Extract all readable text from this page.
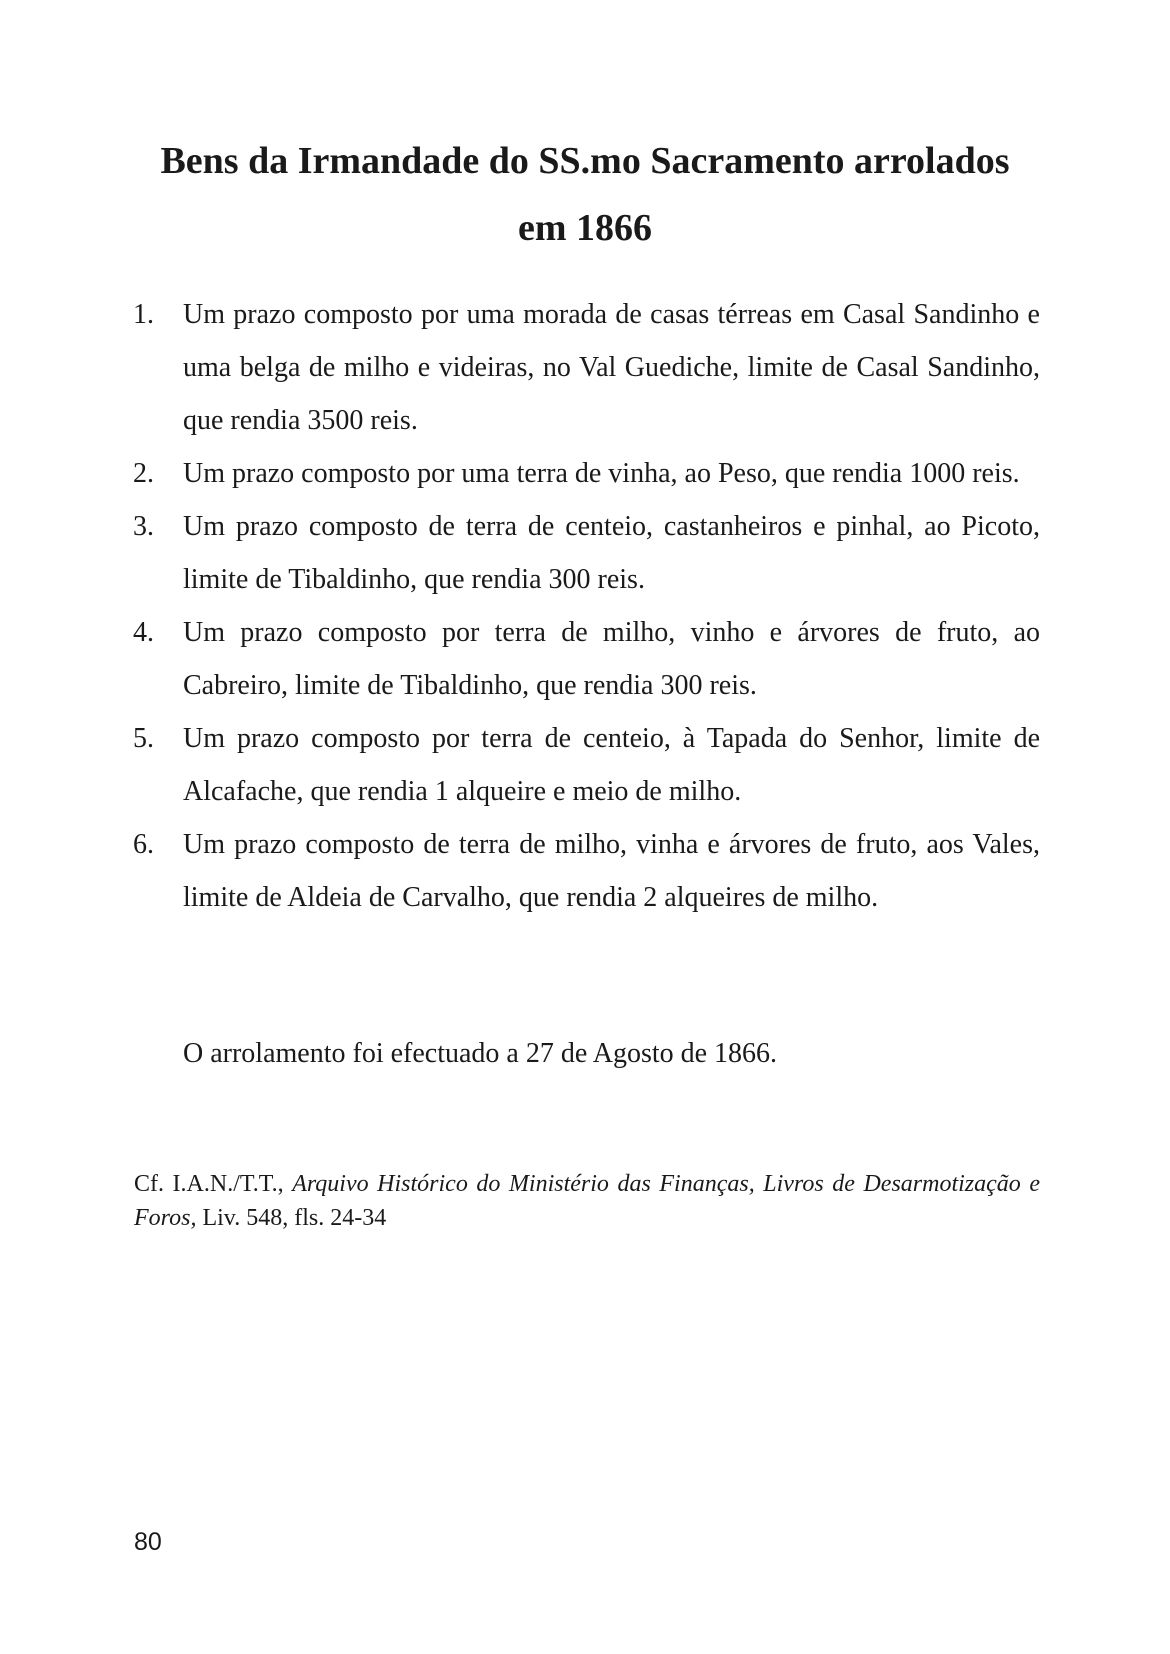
Bens da Irmandade do SS.mo Sacramento arrolados
em 1866
1. Um prazo composto por uma morada de casas térreas em Casal Sandinho e uma belga de milho e videiras, no Val Guediche, limite de Casal Sandinho, que rendia 3500 reis.
2. Um prazo composto por uma terra de vinha, ao Peso, que rendia 1000 reis.
3. Um prazo composto de terra de centeio, castanheiros e pinhal, ao Picoto, limite de Tibaldinho, que rendia 300 reis.
4. Um prazo composto por terra de milho, vinho e árvores de fruto, ao Cabreiro, limite de Tibaldinho, que rendia 300 reis.
5. Um prazo composto por terra de centeio, à Tapada do Senhor, limite de Alcafache, que rendia 1 alqueire e meio de milho.
6. Um prazo composto de terra de milho, vinha e árvores de fruto, aos Vales, limite de Aldeia de Carvalho, que rendia 2 alqueires de milho.

O arrolamento foi efectuado a 27 de Agosto de 1866.

Cf. I.A.N./T.T., Arquivo Histórico do Ministério das Finanças, Livros de Desarmotização e Foros, Liv. 548, fls. 24-34

80
